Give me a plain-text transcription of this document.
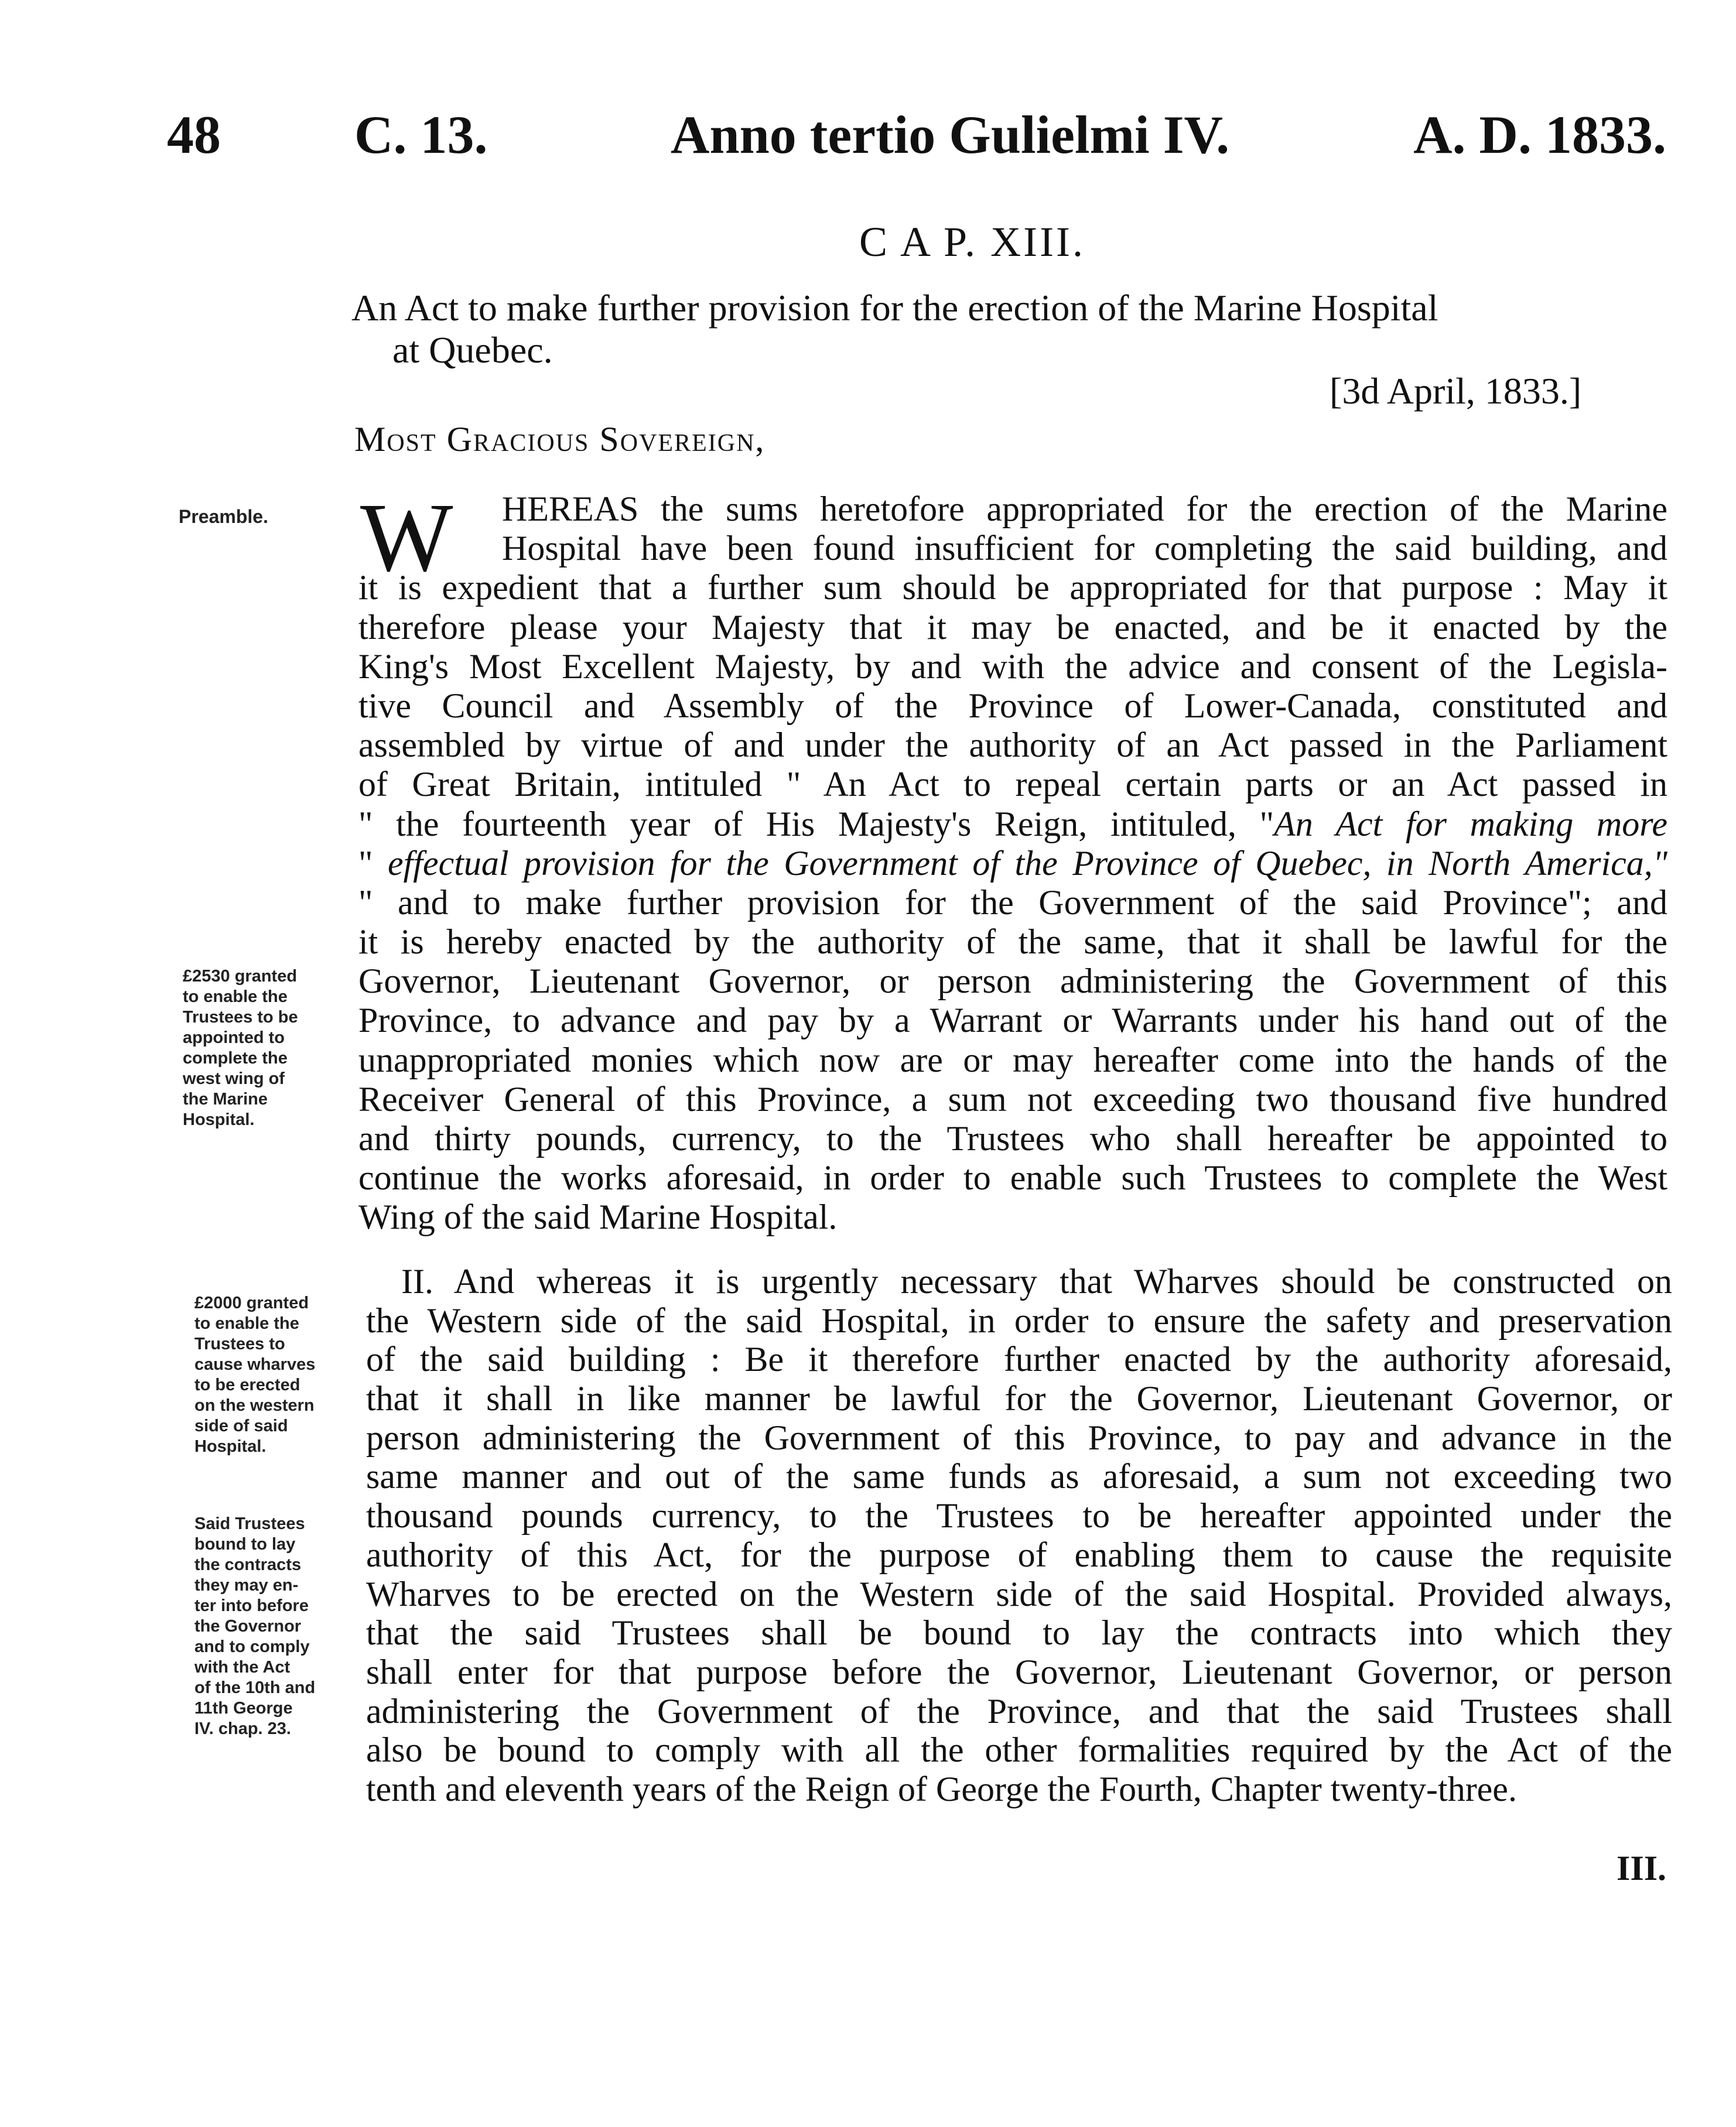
48 C. 13.	Anno tertio Gulielmi IV.	A. D. 1833.
C A P. XIII.
An Act to make further provision for the erection of the Marine Hospital
at Quebec.
[3d April, 1833.]
Most Gracious Sovereign,
Preamble.
£2530 granted
to enable the
Trustees to be
appointed to
complete the
west wing of
the Marine
Hospital.
£2000 granted
to enable the
Trustees to
cause wharves
to be erected
on the western
side of said
Hospital.
Said Trustees
bound to lay
the contracts
they may en-
ter into before
the Governor
and to comply
with the Act
of the 10th and
11th George
IV. chap. 23.
W	HEREAS the sums heretofore appropriated for the erection of the Marine
Hospital have been found insufficient for completing the said building, and
it is expedient that a further sum should be appropriated for that purpose : May it
therefore please your Majesty that it may be enacted, and be it enacted by the
King's Most Excellent Majesty, by and with the advice and consent of the Legisla-
tive Council and Assembly of the Province of Lower-Canada, constituted and
assembled by virtue of and under the authority of an Act passed in the Parliament
of Great Britain, intituled " An Act to repeal certain parts or an Act passed in
" the fourteenth year of His Majesty's Reign, intituled, "An Act for making more
" effectual provision for the Government of the Province of Quebec, in North America,"
" and to make further provision for the Government of the said Province"; and
it is hereby enacted by the authority of the same, that it shall be lawful for the
Governor, Lieutenant Governor, or person administering the Government of this
Province, to advance and pay by a Warrant or Warrants under his hand out of the
unappropriated monies which now are or may hereafter come into the hands of the
Receiver General of this Province, a sum not exceeding two thousand five hundred
and thirty pounds, currency, to the Trustees who shall hereafter be appointed to
continue the works aforesaid, in order to enable such Trustees to complete the West
Wing of the said Marine Hospital.
II. And whereas it is urgently necessary that Wharves should be constructed on
the Western side of the said Hospital, in order to ensure the safety and preservation
of the said building : Be it therefore further enacted by the authority aforesaid,
that it shall in like manner be lawful for the Governor, Lieutenant Governor, or
person administering the Government of this Province, to pay and advance in the
same manner and out of the same funds as aforesaid, a sum not exceeding two
thousand pounds currency, to the Trustees to be hereafter appointed under the
authority of this Act, for the purpose of enabling them to cause the requisite
Wharves to be erected on the Western side of the said Hospital. Provided always,
that the said Trustees shall be bound to lay the contracts into which they
shall enter for that purpose before the Governor, Lieutenant Governor, or person
administering the Government of the Province, and that the said Trustees shall
also be bound to comply with all the other formalities required by the Act of the
tenth and eleventh years of the Reign of George the Fourth, Chapter twenty-three.
III.
